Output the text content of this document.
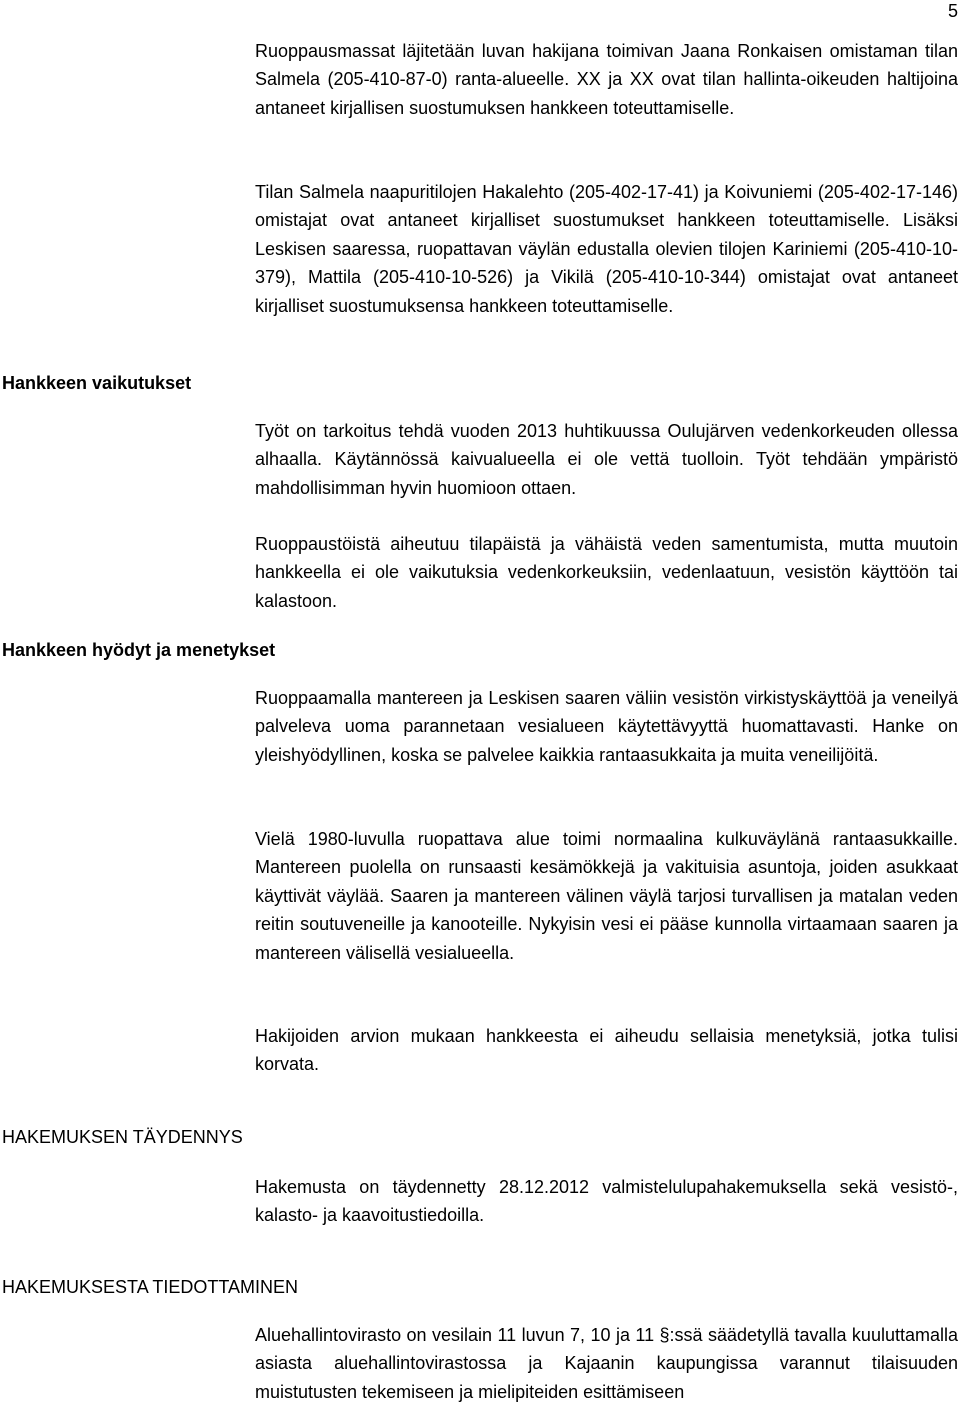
5

Ruoppausmassat läjitetään luvan hakijana toimivan Jaana Ronkaisen omistaman tilan Salmela (205-410-87-0) ranta-alueelle. XX ja XX ovat tilan hallinta-oikeuden haltijoina antaneet kirjallisen suostumuksen hankkeen toteuttamiselle.

Tilan Salmela naapuritilojen Hakalehto (205-402-17-41) ja Koivuniemi (205-402-17-146) omistajat ovat antaneet kirjalliset suostumukset hankkeen toteuttamiselle. Lisäksi Leskisen saaressa, ruopattavan väylän edustalla olevien tilojen Kariniemi (205-410-10-379), Mattila (205-410-10-526) ja Vikilä (205-410-10-344) omistajat ovat antaneet kirjalliset suostumuksensa hankkeen toteuttamiselle.

Hankkeen vaikutukset

Työt on tarkoitus tehdä vuoden 2013 huhtikuussa Oulujärven vedenkorkeuden ollessa alhaalla. Käytännössä kaivualueella ei ole vettä tuolloin. Työt tehdään ympäristö mahdollisimman hyvin huomioon ottaen.

Ruoppaustöistä aiheutuu tilapäistä ja vähäistä veden samentumista, mutta muutoin hankkeella ei ole vaikutuksia vedenkorkeuksiin, vedenlaatuun, vesistön käyttöön tai kalastoon.

Hankkeen hyödyt ja menetykset

Ruoppaamalla mantereen ja Leskisen saaren väliin vesistön virkistyskäyttöä ja veneilyä palveleva uoma parannetaan vesialueen käytettävyyttä huomattavasti. Hanke on yleishyödyllinen, koska se palvelee kaikkia rantaasukkaita ja muita veneilijöitä.

Vielä 1980-luvulla ruopattava alue toimi normaalina kulkuväylänä rantaasukkaille. Mantereen puolella on runsaasti kesämökkejä ja vakituisia asuntoja, joiden asukkaat käyttivät väylää. Saaren ja mantereen välinen väylä tarjosi turvallisen ja matalan veden reitin soutuveneille ja kanooteille. Nykyisin vesi ei pääse kunnolla virtaamaan saaren ja mantereen välisellä vesialueella.

Hakijoiden arvion mukaan hankkeesta ei aiheudu sellaisia menetyksiä, jotka tulisi korvata.

HAKEMUKSEN TÄYDENNYS

Hakemusta on täydennetty 28.12.2012 valmistelulupahakemuksella sekä vesistö-, kalasto- ja kaavoitustiedoilla.

HAKEMUKSESTA TIEDOTTAMINEN

Aluehallintovirasto on vesilain 11 luvun 7, 10 ja 11 §:ssä säädetyllä tavalla kuuluttamalla asiasta aluehallintovirastossa ja Kajaanin kaupungissa varannut tilaisuuden muistutusten tekemiseen ja mielipiteiden esittämiseen
